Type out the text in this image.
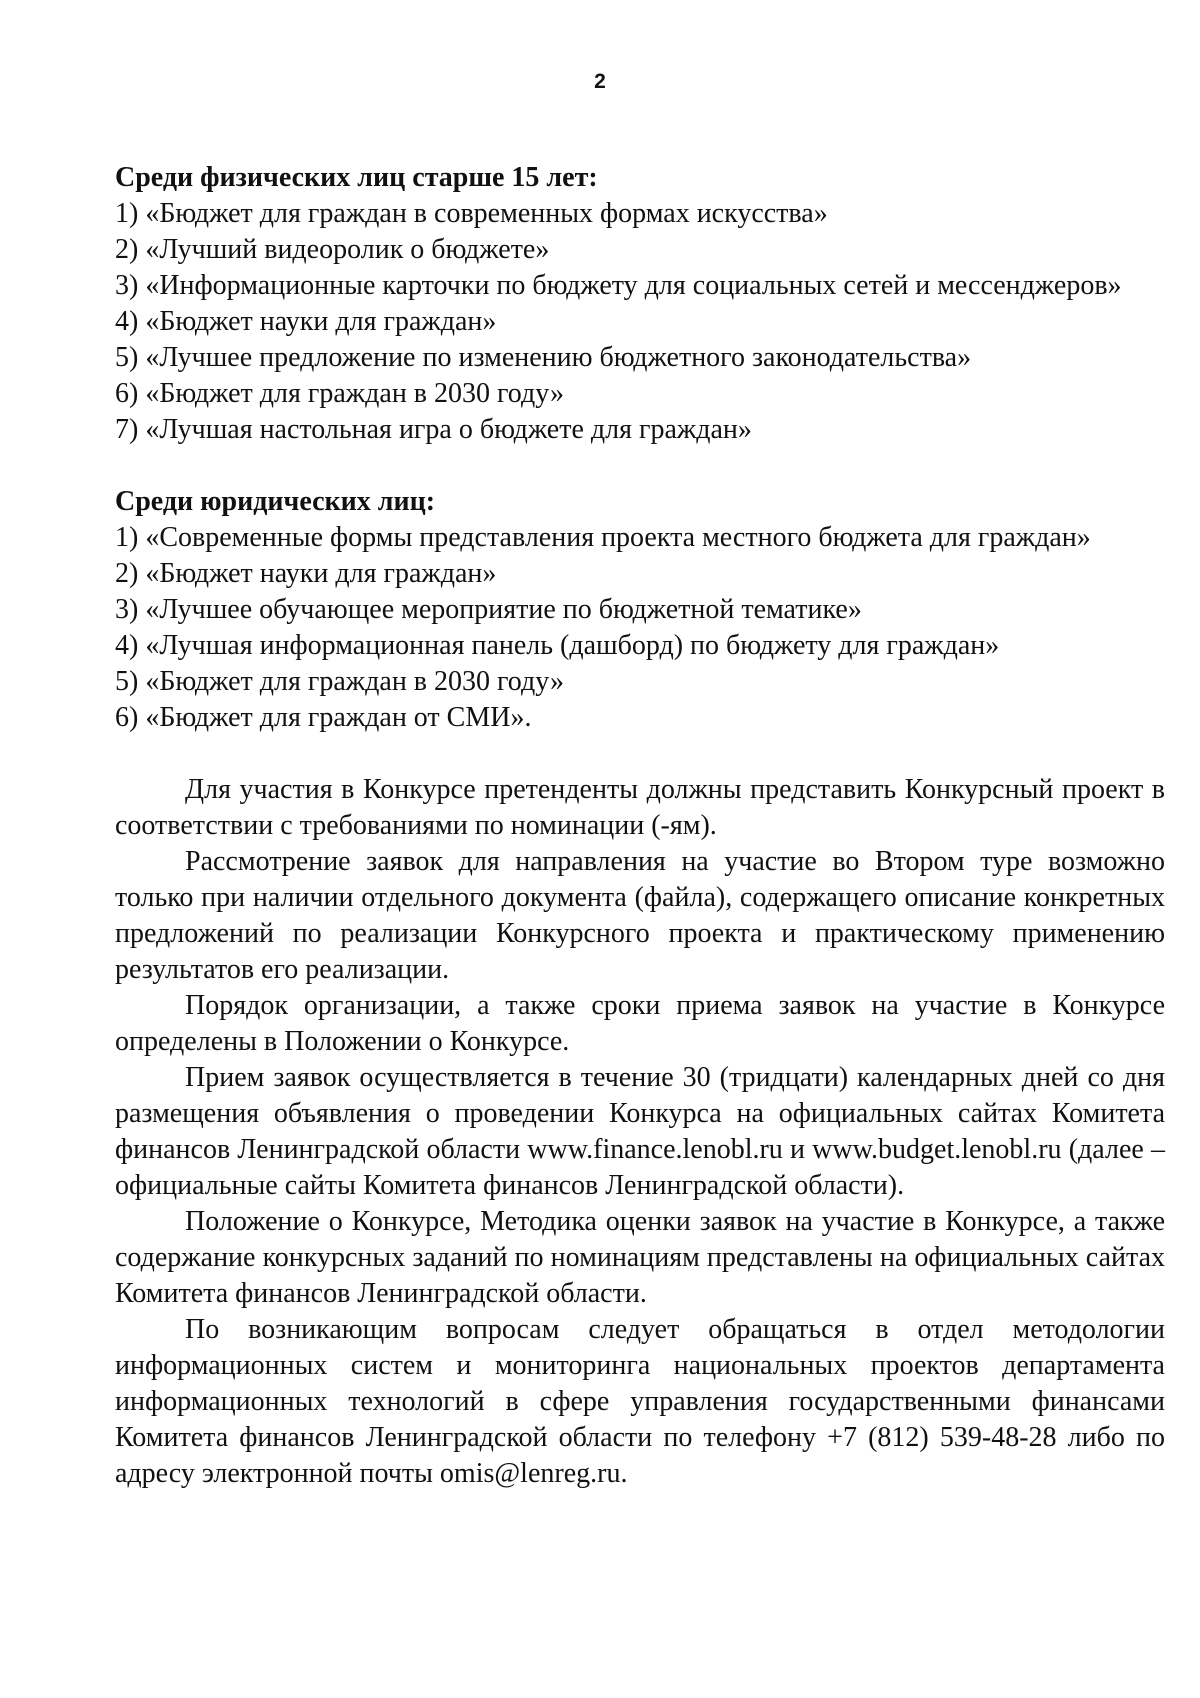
2

Среди физических лиц старше 15 лет:

1) «Бюджет для граждан в современных формах искусства»
2) «Лучший видеоролик о бюджете»
3) «Информационные карточки по бюджету для социальных сетей и мессенджеров»
4) «Бюджет науки для граждан»
5) «Лучшее предложение по изменению бюджетного законодательства»
6) «Бюджет для граждан в 2030 году»
7) «Лучшая настольная игра о бюджете для граждан»

Среди юридических лиц:

1) «Современные формы представления проекта местного бюджета для граждан»
2) «Бюджет науки для граждан»
3) «Лучшее обучающее мероприятие по бюджетной тематике»
4) «Лучшая информационная панель (дашборд) по бюджету для граждан»
5) «Бюджет для граждан в 2030 году»
6) «Бюджет для граждан от СМИ».

Для участия в Конкурсе претенденты должны представить Конкурсный проект в соответствии с требованиями по номинации (-ям).

Рассмотрение заявок для направления на участие во Втором туре возможно только при наличии отдельного документа (файла), содержащего описание конкретных предложений по реализации Конкурсного проекта и практическому применению результатов его реализации.

Порядок организации, а также сроки приема заявок на участие в Конкурсе определены в Положении о Конкурсе.

Прием заявок осуществляется в течение 30 (тридцати) календарных дней со дня размещения объявления о проведении Конкурса на официальных сайтах Комитета финансов Ленинградской области www.finance.lenobl.ru и www.budget.lenobl.ru (далее – официальные сайты Комитета финансов Ленинградской области).

Положение о Конкурсе, Методика оценки заявок на участие в Конкурсе, а также содержание конкурсных заданий по номинациям представлены на официальных сайтах Комитета финансов Ленинградской области.

По возникающим вопросам следует обращаться в отдел методологии информационных систем и мониторинга национальных проектов департамента информационных технологий в сфере управления государственными финансами Комитета финансов Ленинградской области по телефону +7 (812) 539-48-28 либо по адресу электронной почты omis@lenreg.ru.
